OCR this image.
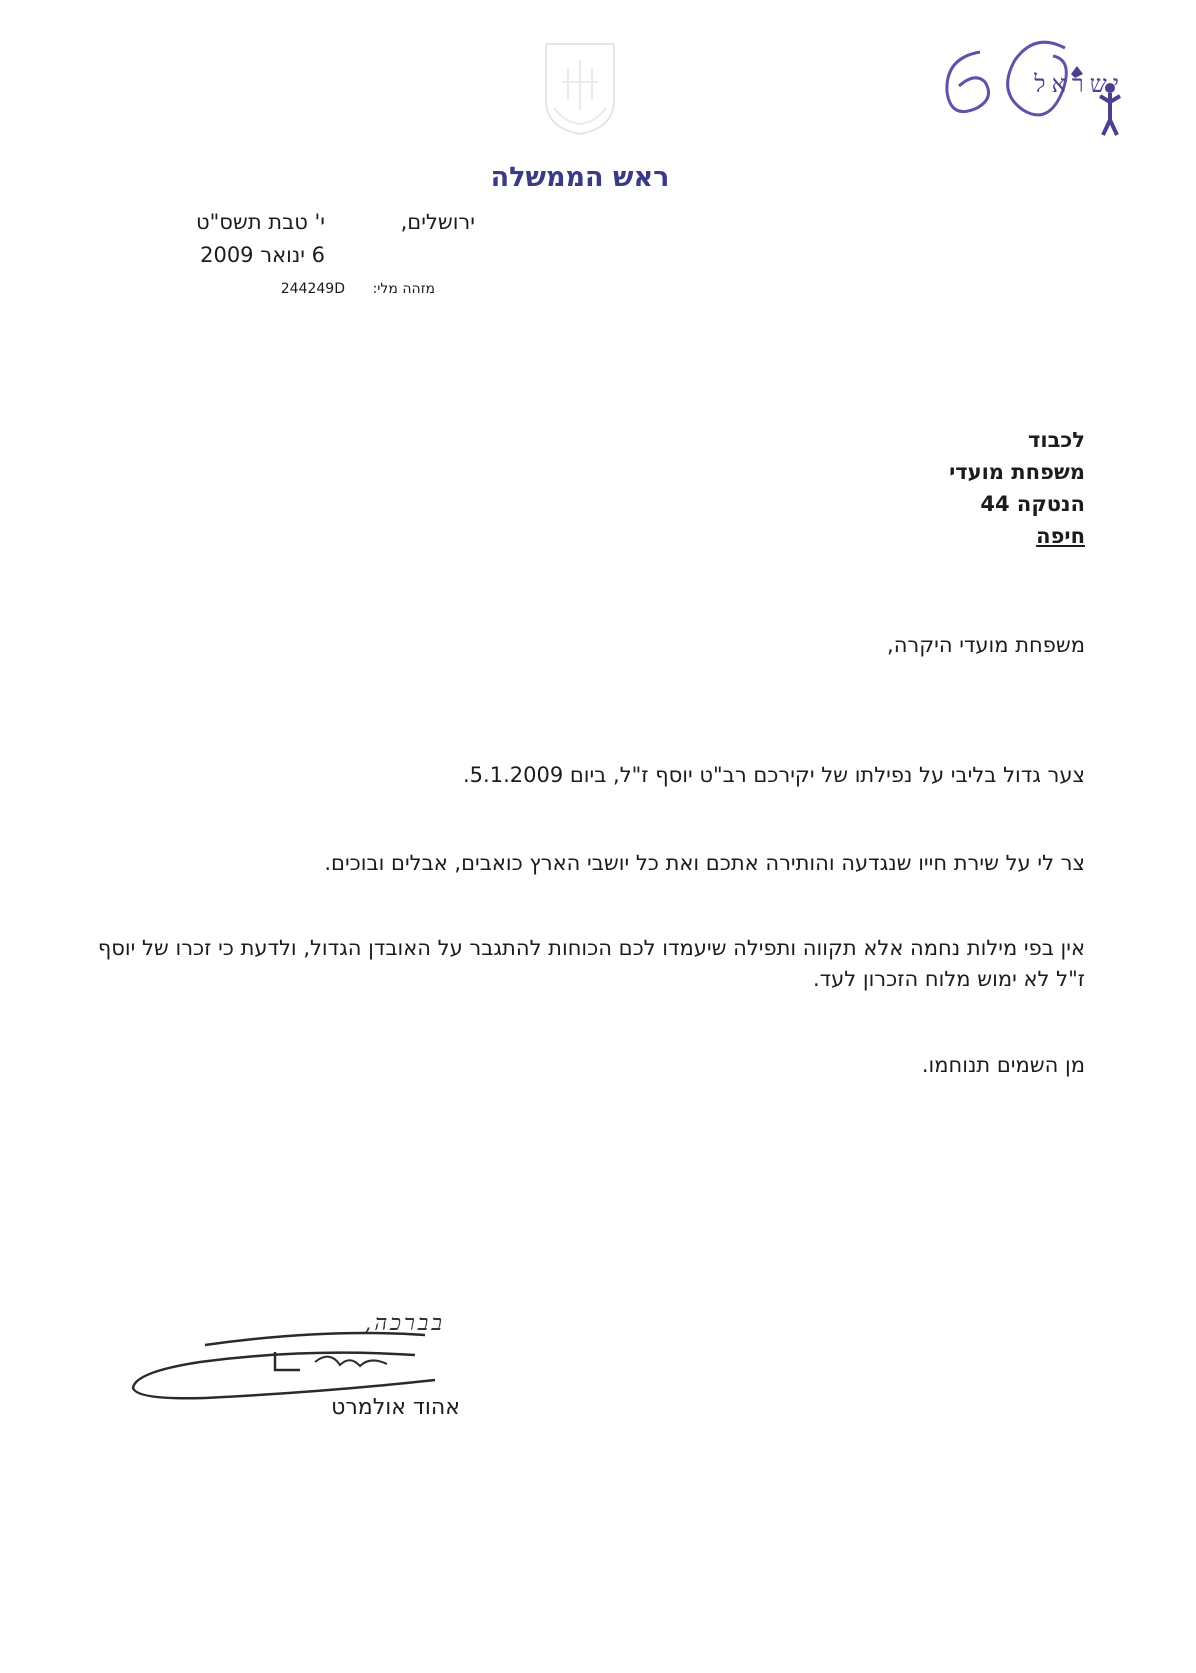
ישראל
ראש הממשלה
ירושלים,
י' טבת תשס"ט
6 ינואר 2009
מזהה מלי:
244249D
לכבוד
משפחת מועדי
הנטקה 44
חיפה
משפחת מועדי היקרה,
צער גדול בליבי על נפילתו של יקירכם רב"ט יוסף ז"ל, ביום 5.1.2009.
צר לי על שירת חייו שנגדעה והותירה אתכם ואת כל יושבי הארץ כואבים, אבלים ובוכים.
אין בפי מילות נחמה אלא תקווה ותפילה שיעמדו לכם הכוחות להתגבר על האובדן הגדול, ולדעת כי זכרו של יוסף ז"ל לא ימוש מלוח הזכרון לעד.
מן השמים תנוחמו.
בברכה,
אהוד אולמרט
